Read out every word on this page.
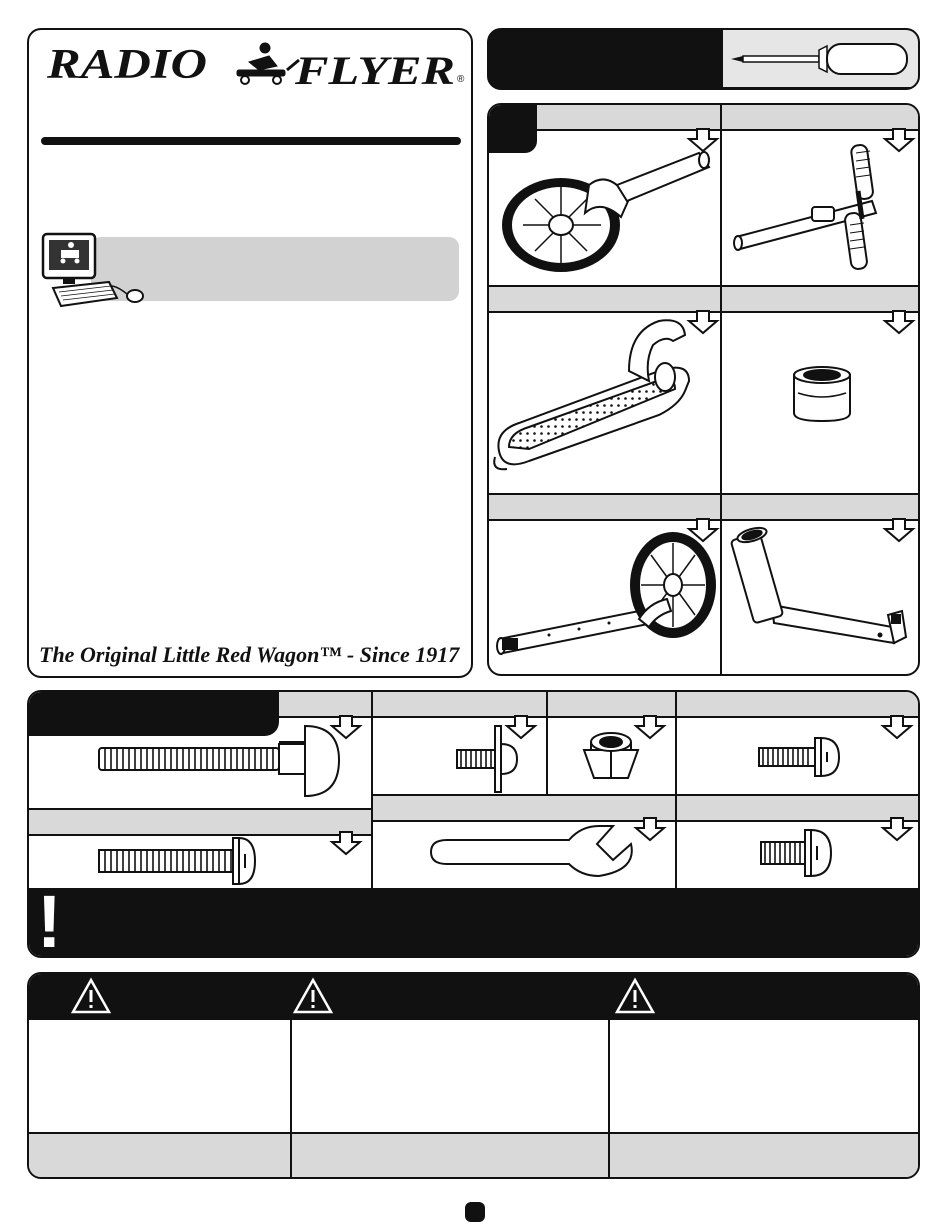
RADIO FLYER ®
The Original Little Red Wagon™ - Since 1917
!
